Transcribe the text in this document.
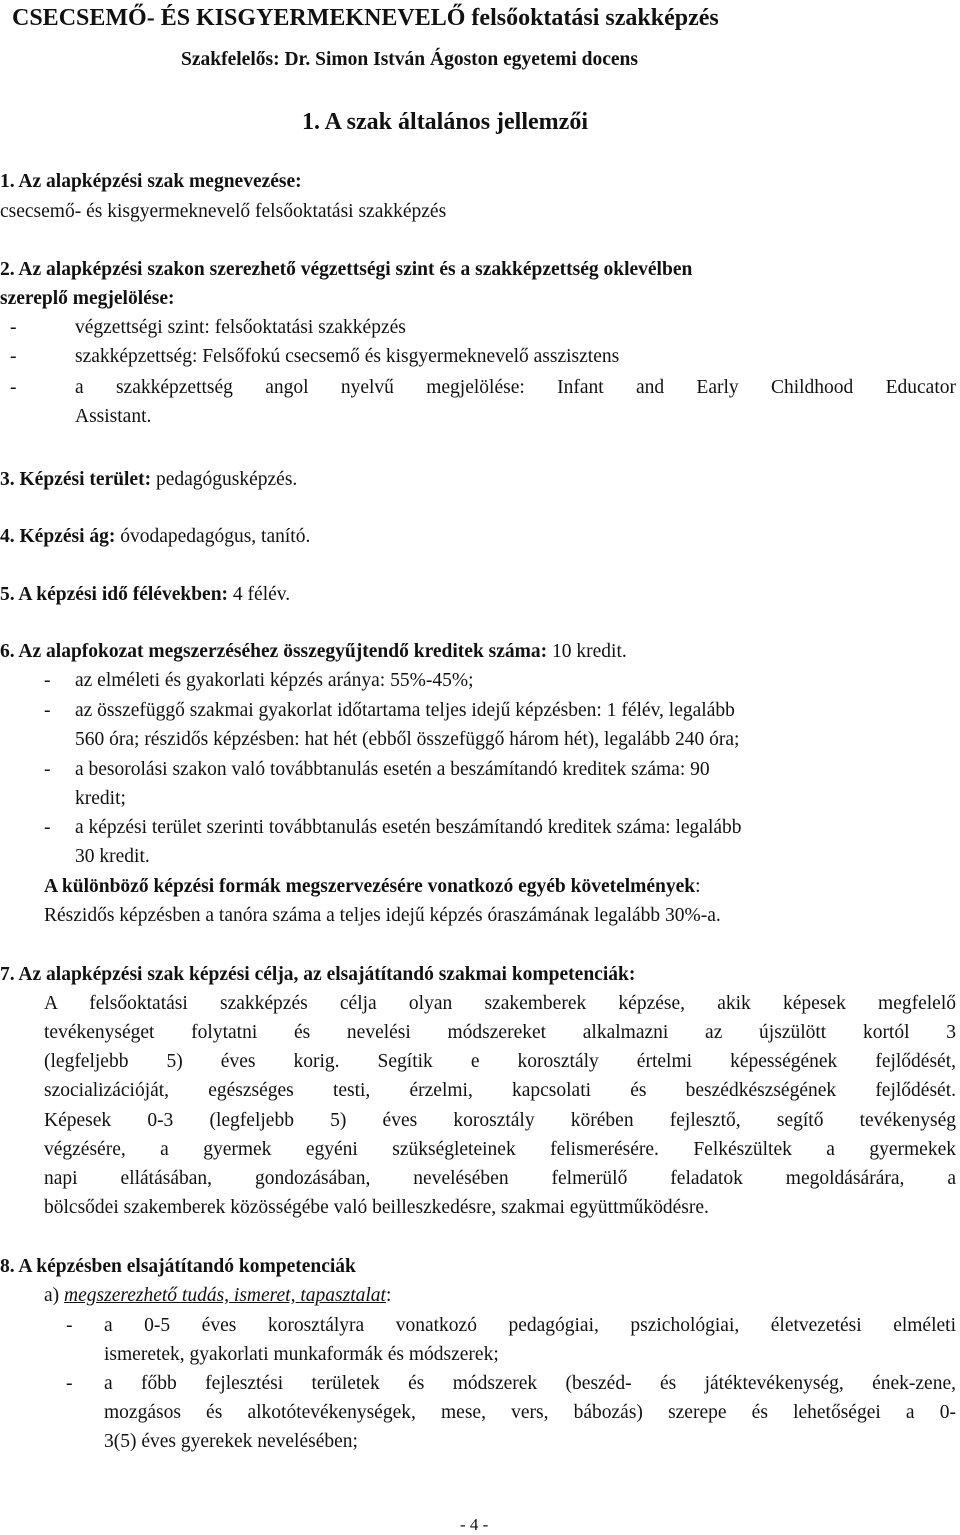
CSECSEMŐ- ÉS KISGYERMEKNEVELŐ felsőoktatási szakképzés
Szakfelelős: Dr. Simon István Ágoston egyetemi docens
1. A szak általános jellemzői
1. Az alapképzési szak megnevezése:
csecsemő- és kisgyermeknevelő felsőoktatási szakképzés
2. Az alapképzési szakon szerezhető végzettségi szint és a szakképzettség oklevélben
szereplő megjelölése:
-	végzettségi szint: felsőoktatási szakképzés
-	szakképzettség: Felsőfokú csecsemő és kisgyermeknevelő asszisztens
-	a szakképzettség angol nyelvű megjelölése: Infant and Early Childhood Educator
Assistant.
3. Képzési terület: pedagógusképzés.
4. Képzési ág: óvodapedagógus, tanító.
5. A képzési idő félévekben: 4 félév.
6. Az alapfokozat megszerzéséhez összegyűjtendő kreditek száma: 10 kredit.
- az elméleti és gyakorlati képzés aránya: 55%-45%;
- az összefüggő szakmai gyakorlat időtartama teljes idejű képzésben: 1 félév, legalább
560 óra; részidős képzésben: hat hét (ebből összefüggő három hét), legalább 240 óra;
- a besorolási szakon való továbbtanulás esetén a beszámítandó kreditek száma: 90
kredit;
- a képzési terület szerinti továbbtanulás esetén beszámítandó kreditek száma: legalább
30 kredit.
A különböző képzési formák megszervezésére vonatkozó egyéb követelmények:
Részidős képzésben a tanóra száma a teljes idejű képzés óraszámának legalább 30%-a.
7. Az alapképzési szak képzési célja, az elsajátítandó szakmai kompetenciák:
A felsőoktatási szakképzés célja olyan szakemberek képzése, akik képesek megfelelő
tevékenységet folytatni és nevelési módszereket alkalmazni az újszülött kortól 3
(legfeljebb 5) éves korig. Segítik e korosztály értelmi képességének fejlődését,
szocializációját, egészséges testi, érzelmi, kapcsolati és beszédkészségének fejlődését.
Képesek 0-3 (legfeljebb 5) éves korosztály körében fejlesztő, segítő tevékenység
végzésére, a gyermek egyéni szükségleteinek felismerésére. Felkészültek a gyermekek
napi ellátásában, gondozásában, nevelésében felmerülő feladatok megoldásárára, a
bölcsődei szakemberek közösségébe való beilleszkedésre, szakmai együttműködésre.
8. A képzésben elsajátítandó kompetenciák
a) megszerezhető tudás, ismeret, tapasztalat:
- a 0-5 éves korosztályra vonatkozó pedagógiai, pszichológiai, életvezetési elméleti
ismeretek, gyakorlati munkaformák és módszerek;
- a főbb fejlesztési területek és módszerek (beszéd- és játéktevékenység, ének-zene,
mozgásos és alkotótevékenységek, mese, vers, bábozás) szerepe és lehetőségei a 0-
3(5) éves gyerekek nevelésében;
- 4 -
